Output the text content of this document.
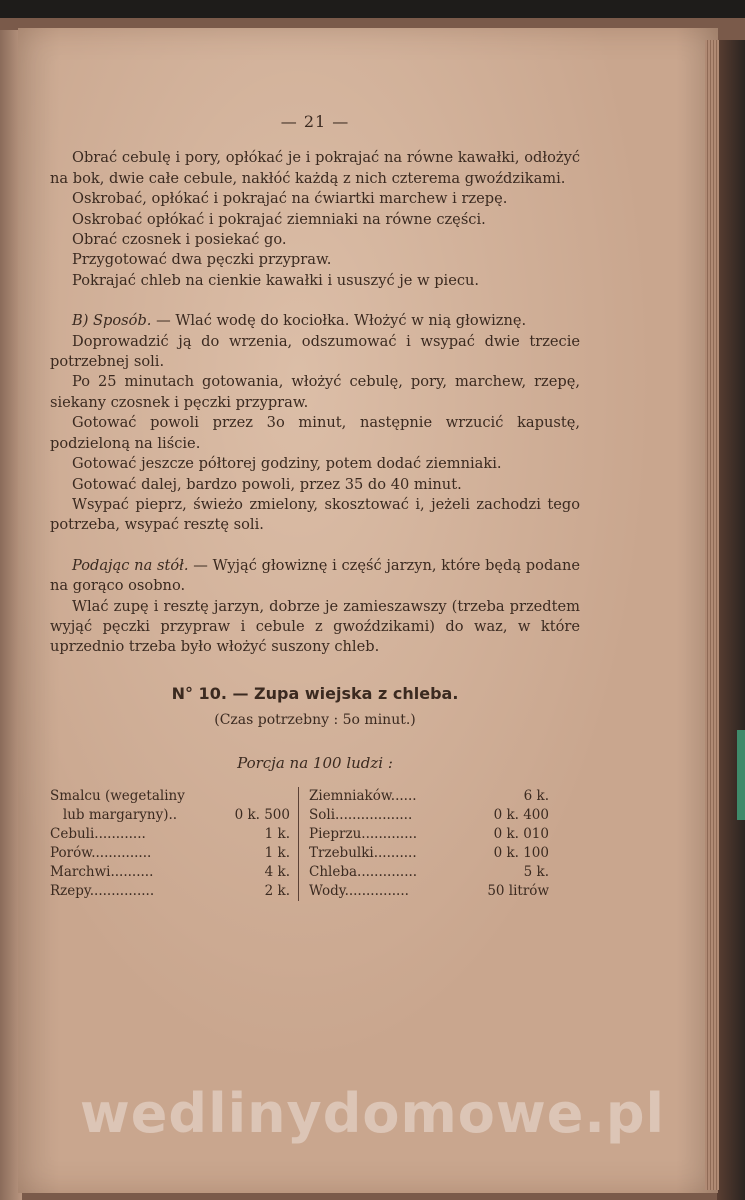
— 21 —

Obrać cebulę i pory, opłókać je i pokrajać na równe kawałki, odłożyć na bok, dwie całe cebule, nakłóć każdą z nich czterema gwoździkami.

Oskrobać, opłókać i pokrajać na ćwiartki marchew i rzepę.

Oskrobać opłókać i pokrajać ziemniaki na równe części.

Obrać czosnek i posiekać go.

Przygotować dwa pęczki przypraw.

Pokrajać chleb na cienkie kawałki i ususzyć je w piecu.

B) Sposób. — Wlać wodę do kociołka. Włożyć w nią głowiznę.

Doprowadzić ją do wrzenia, odszumować i wsypać dwie trzecie potrzebnej soli.

Po 25 minutach gotowania, włożyć cebulę, pory, marchew, rzepę, siekany czosnek i pęczki przypraw.

Gotować powoli przez 3o minut, następnie wrzucić kapustę, podzieloną na liście.

Gotować jeszcze półtorej godziny, potem dodać ziemniaki.

Gotować dalej, bardzo powoli, przez 35 do 40 minut.

Wsypać pieprz, świeżo zmielony, skosztować i, jeżeli zachodzi tego potrzeba, wsypać resztę soli.

Podając na stół. — Wyjąć głowiznę i część jarzyn, które będą podane na gorąco osobno.

Wlać zupę i resztę jarzyn, dobrze je zamieszawszy (trzeba przedtem wyjąć pęczki przypraw i cebule z gwoździkami) do waz, w które uprzednio trzeba było włożyć suszony chleb.

N° 10. — Zupa wiejska z chleba.
(Czas potrzebny : 5o minut.)
Porcja na 100 ludzi :
Smalcu (wegetaliny
lub margaryny)..	0 k. 500
Cebuli............	1 k.
Porów..............	1 k.
Marchwi..........	4 k.
Rzepy...............	2 k.
Ziemniaków......	6 k.
Soli..................	0 k. 400
Pieprzu.............	0 k. 010
Trzebulki..........	0 k. 100
Chleba..............	5 k.
Wody...............	50 litrów
wedlinydomowe.pl
